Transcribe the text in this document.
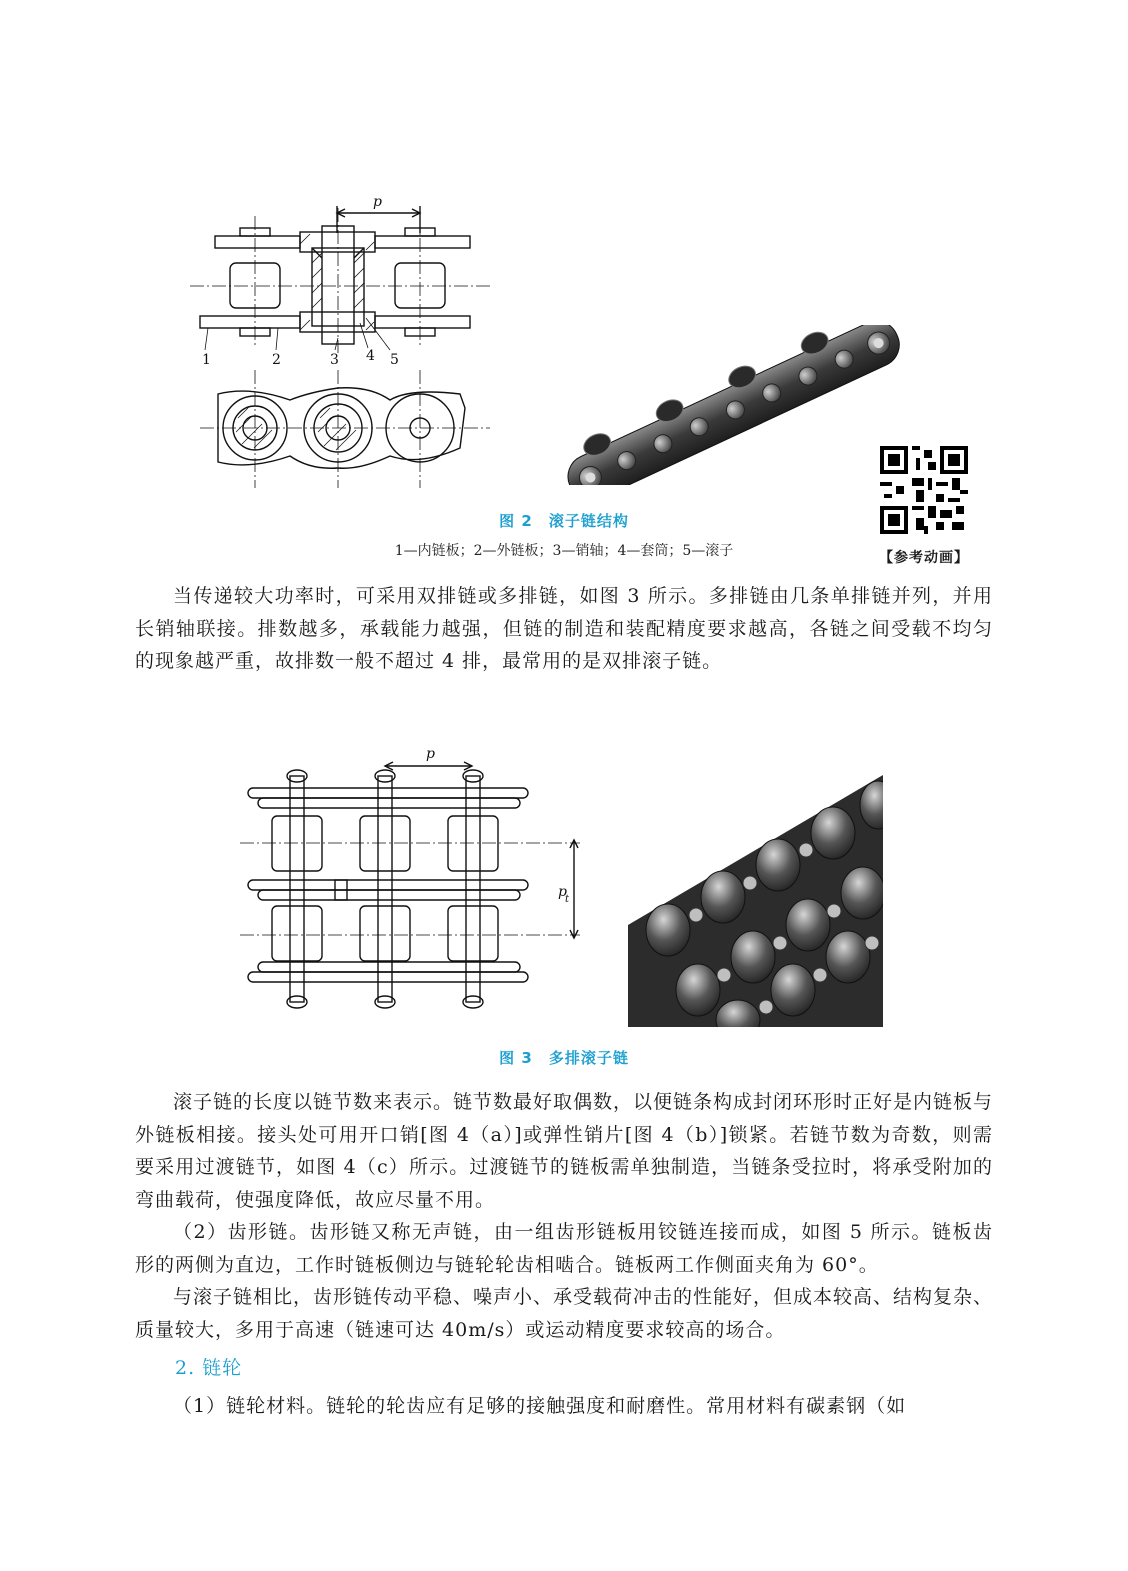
p
1	2	3 4 5
【参考动画】
图 2　滚子链结构
1—内链板；2—外链板；3—销轴；4—套筒；5—滚子

当传递较大功率时，可采用双排链或多排链，如图 3 所示。多排链由几条单排链并列，并用长销轴联接。排数越多，承载能力越强，但链的制造和装配精度要求越高，各链之间受载不均匀的现象越严重，故排数一般不超过 4 排，最常用的是双排滚子链。

p
p
t
图 3　多排滚子链

滚子链的长度以链节数来表示。链节数最好取偶数，以便链条构成封闭环形时正好是内链板与外链板相接。接头处可用开口销[图 4（a）]或弹性销片[图 4（b）]锁紧。若链节数为奇数，则需要采用过渡链节，如图 4（c）所示。过渡链节的链板需单独制造，当链条受拉时，将承受附加的弯曲载荷，使强度降低，故应尽量不用。

（2）齿形链。齿形链又称无声链，由一组齿形链板用铰链连接而成，如图 5 所示。链板齿形的两侧为直边，工作时链板侧边与链轮轮齿相啮合。链板两工作侧面夹角为 60°。

与滚子链相比，齿形链传动平稳、噪声小、承受载荷冲击的性能好，但成本较高、结构复杂、质量较大，多用于高速（链速可达 40m/s）或运动精度要求较高的场合。

2. 链轮

（1）链轮材料。链轮的轮齿应有足够的接触强度和耐磨性。常用材料有碳素钢（如
